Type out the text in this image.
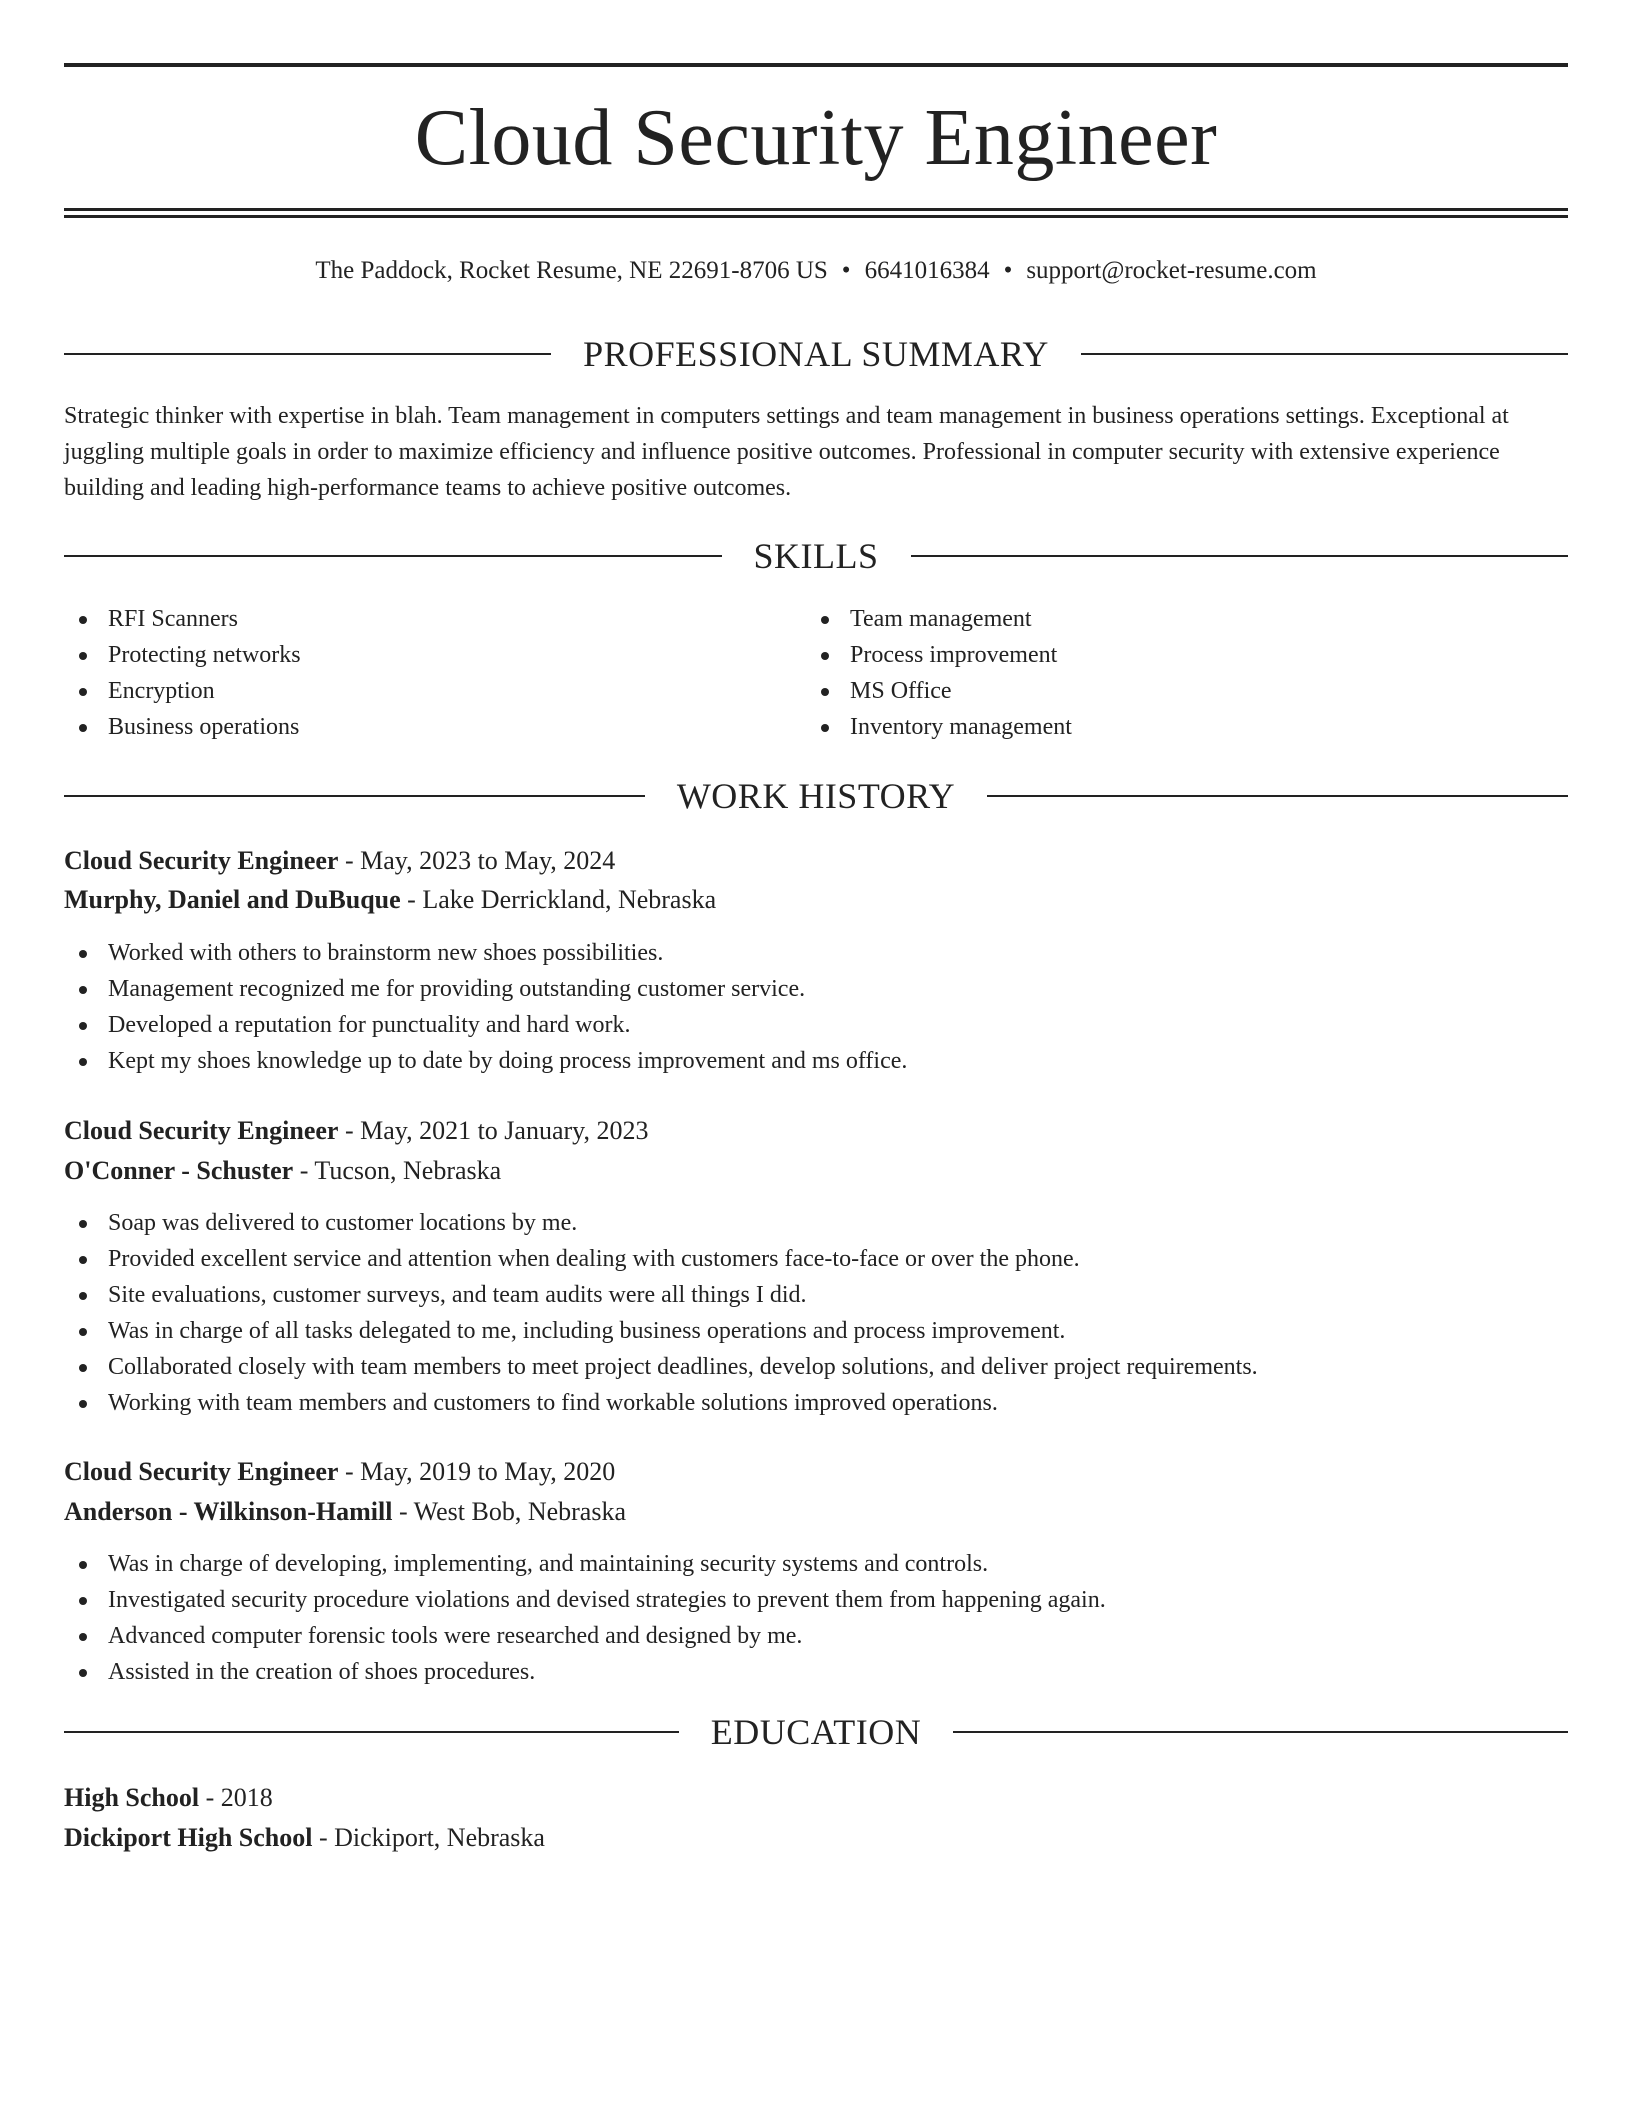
Cloud Security Engineer
The Paddock, Rocket Resume, NE 22691-8706 US • 6641016384 • support@rocket-resume.com
PROFESSIONAL SUMMARY

Strategic thinker with expertise in blah. Team management in computers settings and team management in business operations settings. Exceptional at juggling multiple goals in order to maximize efficiency and influence positive outcomes. Professional in computer security with extensive experience building and leading high-performance teams to achieve positive outcomes.

SKILLS
RFI Scanners
Protecting networks
Encryption
Business operations
Team management
Process improvement
MS Office
Inventory management
WORK HISTORY

Cloud Security Engineer - May, 2023 to May, 2024

Murphy, Daniel and DuBuque - Lake Derrickland, Nebraska

Worked with others to brainstorm new shoes possibilities.
Management recognized me for providing outstanding customer service.
Developed a reputation for punctuality and hard work.
Kept my shoes knowledge up to date by doing process improvement and ms office.

Cloud Security Engineer - May, 2021 to January, 2023

O'Conner - Schuster - Tucson, Nebraska

Soap was delivered to customer locations by me.
Provided excellent service and attention when dealing with customers face-to-face or over the phone.
Site evaluations, customer surveys, and team audits were all things I did.
Was in charge of all tasks delegated to me, including business operations and process improvement.
Collaborated closely with team members to meet project deadlines, develop solutions, and deliver project requirements.
Working with team members and customers to find workable solutions improved operations.

Cloud Security Engineer - May, 2019 to May, 2020

Anderson - Wilkinson-Hamill - West Bob, Nebraska

Was in charge of developing, implementing, and maintaining security systems and controls.
Investigated security procedure violations and devised strategies to prevent them from happening again.
Advanced computer forensic tools were researched and designed by me.
Assisted in the creation of shoes procedures.
EDUCATION

High School - 2018

Dickiport High School - Dickiport, Nebraska
